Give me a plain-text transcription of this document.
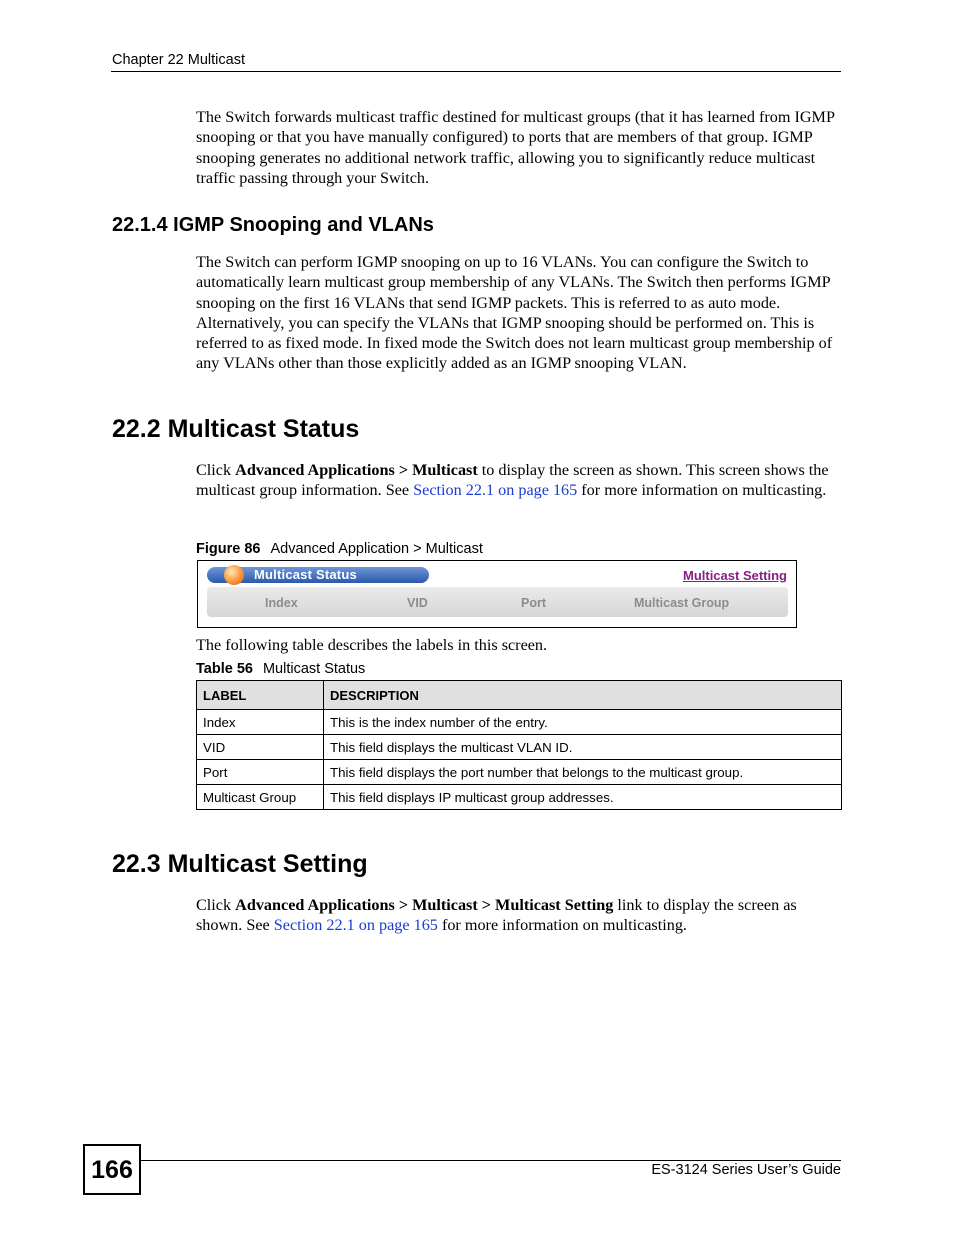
Chapter 22 Multicast
The Switch forwards multicast traffic destined for multicast groups (that it has learned from IGMP snooping or that you have manually configured) to ports that are members of that group. IGMP snooping generates no additional network traffic, allowing you to significantly reduce multicast traffic passing through your Switch.
22.1.4 IGMP Snooping and VLANs
The Switch can perform IGMP snooping on up to 16 VLANs. You can configure the Switch to automatically learn multicast group membership of any VLANs. The Switch then performs IGMP snooping on the first 16 VLANs that send IGMP packets. This is referred to as auto mode. Alternatively, you can specify the VLANs that IGMP snooping should be performed on. This is referred to as fixed mode. In fixed mode the Switch does not learn multicast group membership of any VLANs other than those explicitly added as an IGMP snooping VLAN.
22.2 Multicast Status
Click Advanced Applications > Multicast to display the screen as shown. This screen shows the multicast group information. See Section 22.1 on page 165 for more information on multicasting.
Figure 86 Advanced Application > Multicast
Multicast Status	Multicast Setting
Index	VID	Port	Multicast Group
The following table describes the labels in this screen.
Table 56 Multicast Status
LABEL	DESCRIPTION
Index	This is the index number of the entry.
VID	This field displays the multicast VLAN ID.
Port	This field displays the port number that belongs to the multicast group.
Multicast Group	This field displays IP multicast group addresses.
22.3 Multicast Setting
Click Advanced Applications > Multicast > Multicast Setting link to display the screen as shown. See Section 22.1 on page 165 for more information on multicasting.
166	ES-3124 Series User’s Guide
